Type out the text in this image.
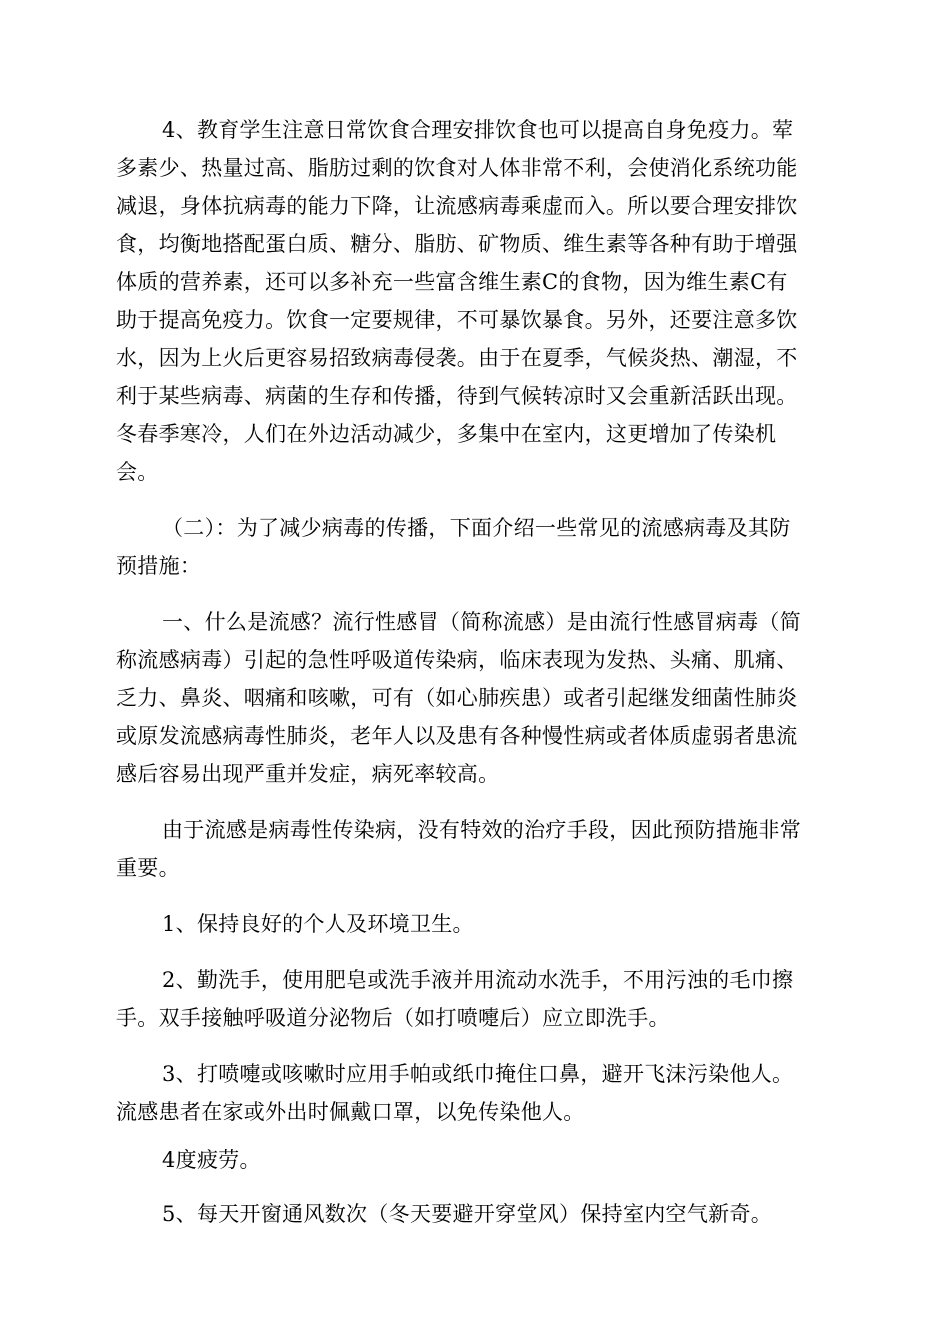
4、教育学生注意日常饮食合理安排饮食也可以提高自身免疫力。荤
多素少、热量过高、脂肪过剩的饮食对人体非常不利，会使消化系统功能
减退，身体抗病毒的能力下降，让流感病毒乘虚而入。所以要合理安排饮
食，均衡地搭配蛋白质、糖分、脂肪、矿物质、维生素等各种有助于增强
体质的营养素，还可以多补充一些富含维生素C的食物，因为维生素C有
助于提高免疫力。饮食一定要规律，不可暴饮暴食。另外，还要注意多饮
水，因为上火后更容易招致病毒侵袭。由于在夏季，气候炎热、潮湿，不
利于某些病毒、病菌的生存和传播，待到气候转凉时又会重新活跃出现。
冬春季寒冷，人们在外边活动减少，多集中在室内，这更增加了传染机
会。
（二）：为了减少病毒的传播，下面介绍一些常见的流感病毒及其防
预措施：
一、什么是流感？流行性感冒（简称流感）是由流行性感冒病毒（简
称流感病毒）引起的急性呼吸道传染病，临床表现为发热、头痛、肌痛、
乏力、鼻炎、咽痛和咳嗽，可有（如心肺疾患）或者引起继发细菌性肺炎
或原发流感病毒性肺炎，老年人以及患有各种慢性病或者体质虚弱者患流
感后容易出现严重并发症，病死率较高。
由于流感是病毒性传染病，没有特效的治疗手段，因此预防措施非常
重要。
1、保持良好的个人及环境卫生。
2、勤洗手，使用肥皂或洗手液并用流动水洗手，不用污浊的毛巾擦
手。双手接触呼吸道分泌物后（如打喷嚏后）应立即洗手。
3、打喷嚏或咳嗽时应用手帕或纸巾掩住口鼻，避开飞沫污染他人。
流感患者在家或外出时佩戴口罩，以免传染他人。
4度疲劳。
5、每天开窗通风数次（冬天要避开穿堂风）保持室内空气新奇。
